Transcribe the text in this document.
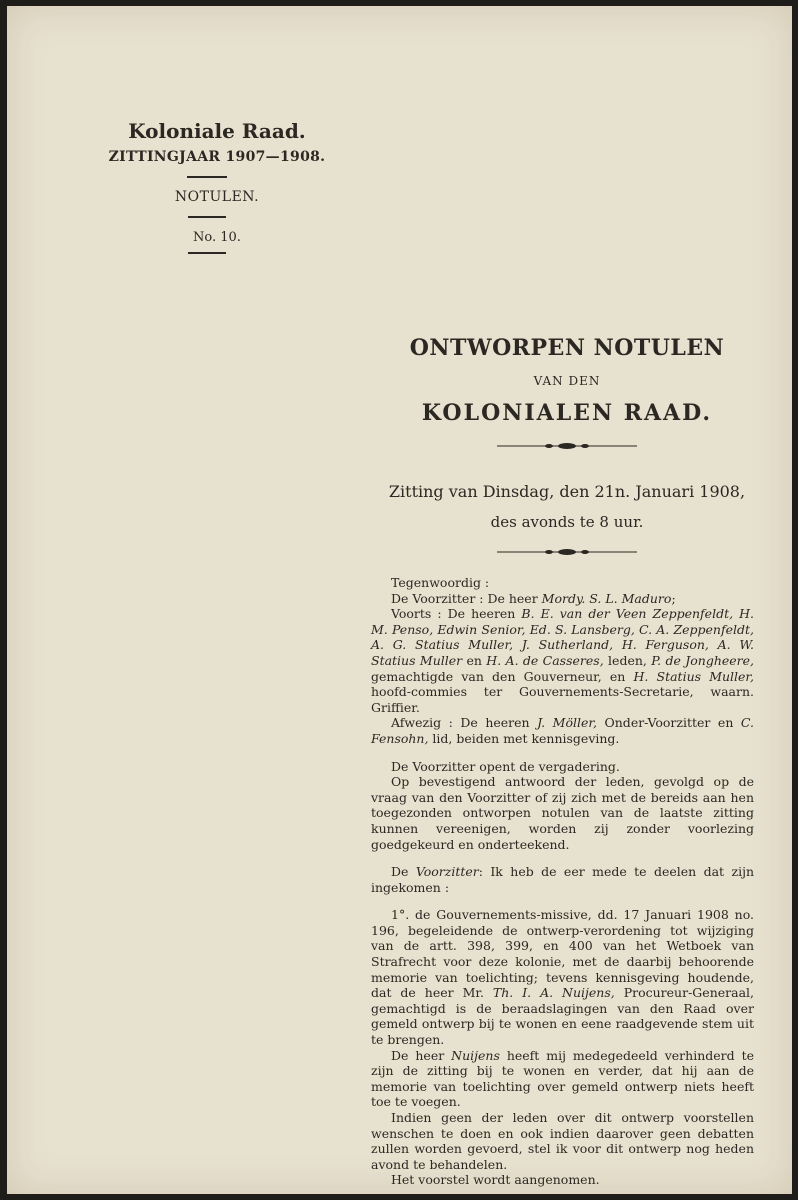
Koloniale Raad.
ZITTINGJAAR 1907—1908.
NOTULEN.
No. 10.
ONTWORPEN NOTULEN
VAN DEN
KOLONIALEN RAAD.
Zitting van Dinsdag, den 21n. Januari 1908,
des avonds te 8 uur.

Tegenwoordig :

De Voorzitter : De heer Mordy. S. L. Maduro;

Voorts : De heeren B. E. van der Veen Zeppenfeldt, H. M. Penso, Edwin Senior, Ed. S. Lansberg, C. A. Zeppenfeldt, A. G. Statius Muller, J. Sutherland, H. Ferguson, A. W. Statius Muller en H. A. de Casseres, leden, P. de Jongheere, gemachtigde van den Gouverneur, en H. Statius Muller, hoofd-commies ter Gouvernements-Secretarie, waarn. Griffier.

Afwezig : De heeren J. Möller, Onder-Voorzitter en C. Fensohn, lid, beiden met kennisgeving.

De Voorzitter opent de vergadering.

Op bevestigend antwoord der leden, gevolgd op de vraag van den Voorzitter of zij zich met de bereids aan hen toegezonden ontworpen notulen van de laatste zitting kunnen vereenigen, worden zij zonder voorlezing goedgekeurd en onderteekend.

De Voorzitter: Ik heb de eer mede te deelen dat zijn ingekomen :

1°. de Gouvernements-missive, dd. 17 Januari 1908 no. 196, begeleidende de ontwerp-verordening tot wijziging van de artt. 398, 399, en 400 van het Wetboek van Strafrecht voor deze kolonie, met de daarbij behoorende memorie van toelichting; tevens kennisgeving houdende, dat de heer Mr. Th. I. A. Nuijens, Procureur-Generaal, gemachtigd is de beraadslagingen van den Raad over gemeld ontwerp bij te wonen en eene raadgevende stem uit te brengen.

De heer Nuijens heeft mij medegedeeld verhinderd te zijn de zitting bij te wonen en verder, dat hij aan de memorie van toelichting over gemeld ontwerp niets heeft toe te voegen.

Indien geen der leden over dit ontwerp voorstellen wenschen te doen en ook indien daarover geen debatten zullen worden gevoerd, stel ik voor dit ontwerp nog heden avond te behandelen.

Het voorstel wordt aangenomen.
